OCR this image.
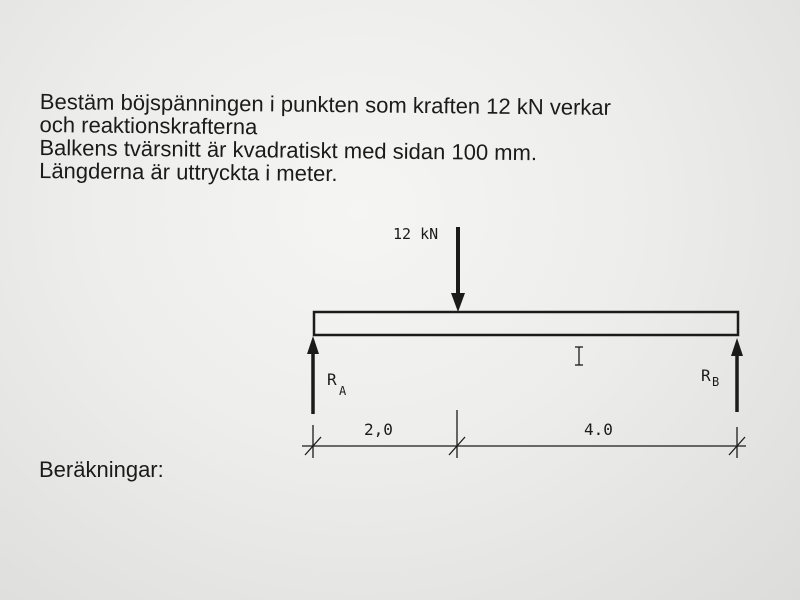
Bestäm böjspänningen i punkten som kraften 12 kN verkar
och reaktionskrafterna
Balkens tvärsnitt är kvadratiskt med sidan 100 mm.
Längderna är uttryckta i meter.
12 kN
R
A
R B
2,0	4.0
Beräkningar:
